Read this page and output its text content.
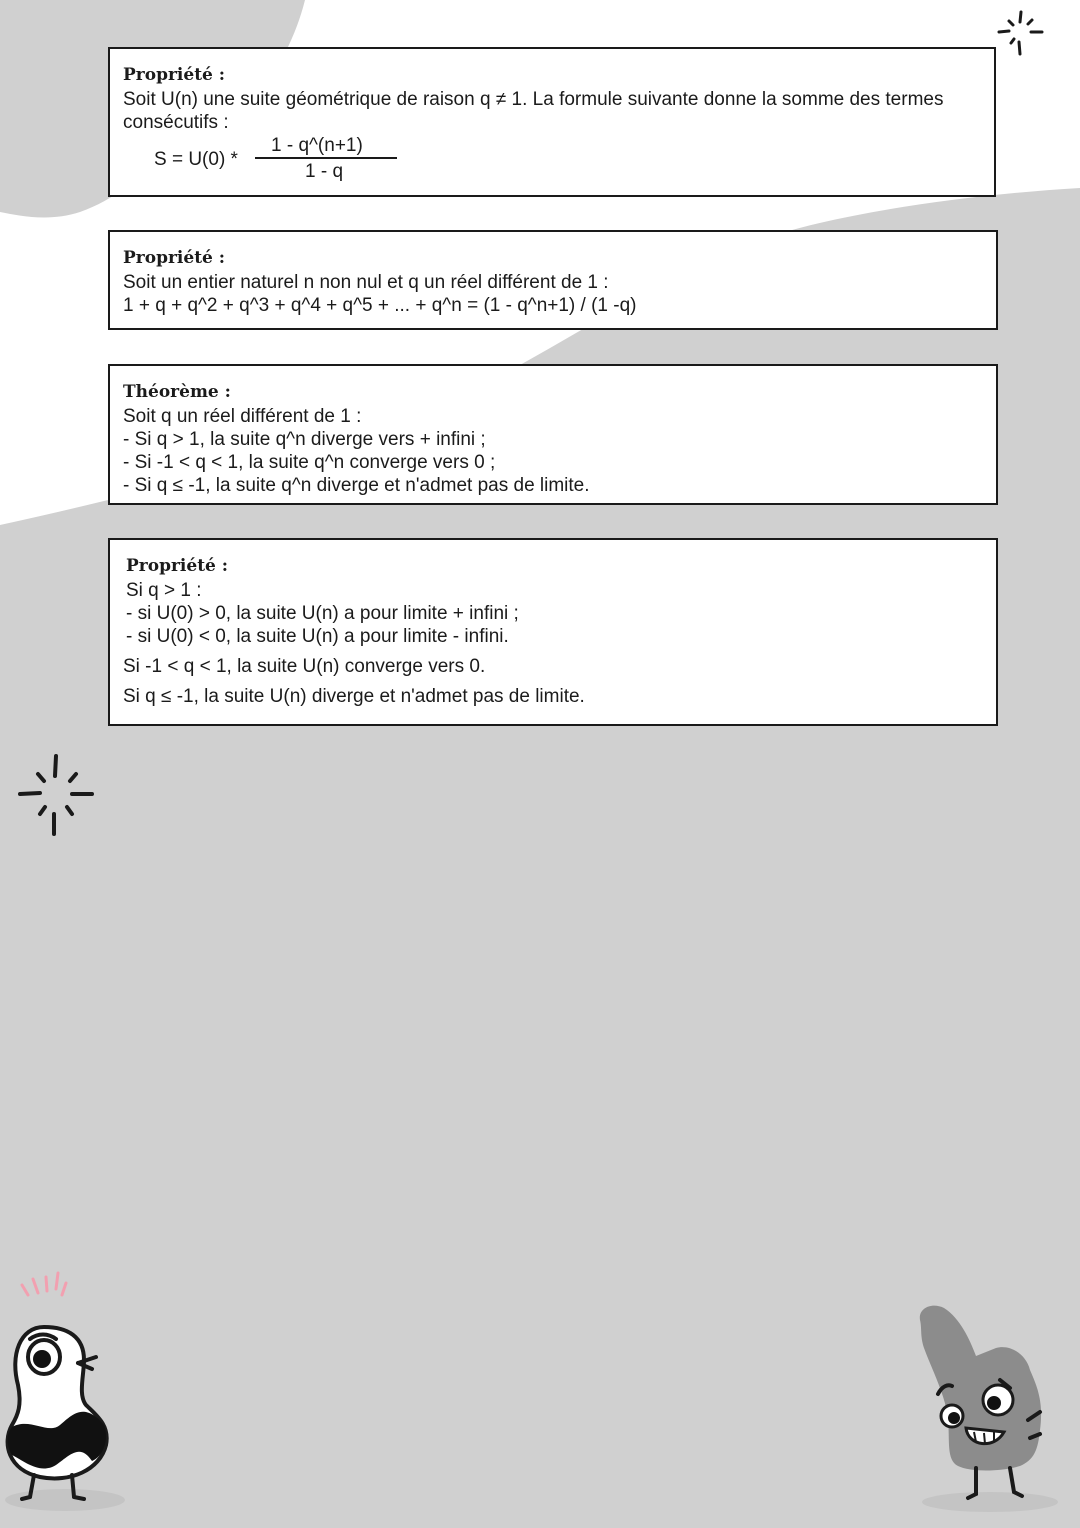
Propriété :
Soit U(n) une suite géométrique de raison q ≠ 1. La formule suivante donne la somme des termes
consécutifs :
S = U(0) *
1 - q^(n+1)
1 - q
Propriété :
Soit un entier naturel n non nul et q un réel différent de 1 :
1 + q + q^2 + q^3 + q^4 + q^5 + ... + q^n = (1 - q^n+1) / (1 -q)
Théorème :
Soit q un réel différent de 1 :
- Si q > 1, la suite q^n diverge vers + infini ;
- Si -1 < q < 1, la suite q^n converge vers 0 ;
- Si q ≤ -1, la suite q^n diverge et n'admet pas de limite.
Propriété :
Si q > 1 :
- si U(0) > 0, la suite U(n) a pour limite + infini ;
- si U(0) < 0, la suite U(n) a pour limite - infini.
Si -1 < q < 1, la suite U(n) converge vers 0.
Si q ≤ -1, la suite U(n) diverge et n'admet pas de limite.
